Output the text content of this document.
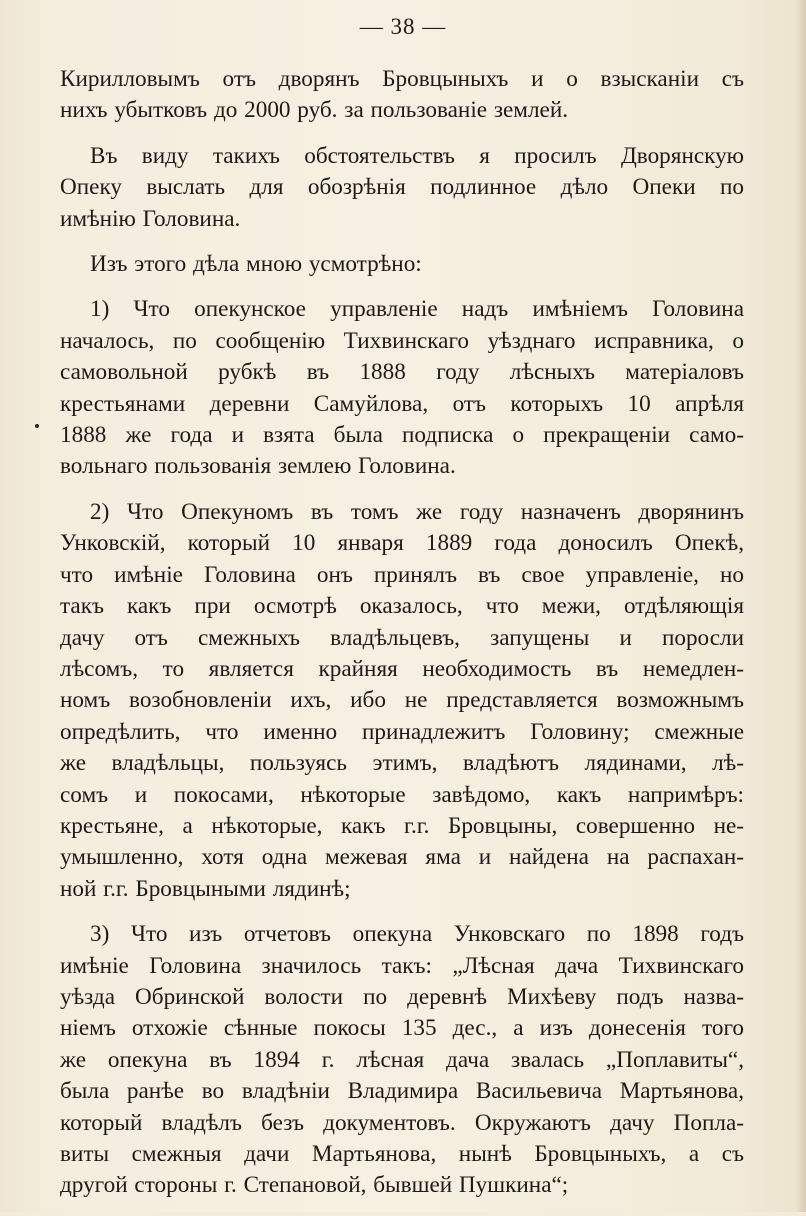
— 38 —

Кирилловымъ отъ дворянъ Бровцыныхъ и о взысканіи съ
нихъ убытковъ до 2000 руб. за пользованіе землей.

Въ виду такихъ обстоятельствъ я просилъ Дворянскую
Опеку выслать для обозрѣнія подлинное дѣло Опеки по
имѣнію Головина.

Изъ этого дѣла мною усмотрѣно:

1) Что опекунское управленіе надъ имѣніемъ Головина
началось, по сообщенію Тихвинскаго уѣзднаго исправника, о
самовольной рубкѣ въ 1888 году лѣсныхъ матеріаловъ
крестьянами деревни Самуйлова, отъ которыхъ 10 апрѣля
1888 же года и взята была подписка о прекращеніи само-
вольнаго пользованія землею Головина.

2) Что Опекуномъ въ томъ же году назначенъ дворянинъ
Унковскій, который 10 января 1889 года доносилъ Опекѣ,
что имѣніе Головина онъ принялъ въ свое управленіе, но
такъ какъ при осмотрѣ оказалось, что межи, отдѣляющія
дачу отъ смежныхъ владѣльцевъ, запущены и поросли
лѣсомъ, то является крайняя необходимость въ немедлен-
номъ возобновленіи ихъ, ибо не представляется возможнымъ
опредѣлить, что именно принадлежитъ Головину; смежные
же владѣльцы, пользуясь этимъ, владѣютъ лядинами, лѣ-
сомъ и покосами, нѣкоторые завѣдомо, какъ напримѣръ:
крестьяне, а нѣкоторые, какъ г.г. Бровцыны, совершенно не-
умышленно, хотя одна межевая яма и найдена на распахан-
ной г.г. Бровцыными лядинѣ;

3) Что изъ отчетовъ опекуна Унковскаго по 1898 годъ
имѣніе Головина значилось такъ: „Лѣсная дача Тихвинскаго
уѣзда Обринской волости по деревнѣ Михѣеву подъ назва-
ніемъ отхожіе сѣнные покосы 135 дес., а изъ донесенія того
же опекуна въ 1894 г. лѣсная дача звалась „Поплавиты“,
была ранѣе во владѣніи Владимира Васильевича Мартьянова,
который владѣлъ безъ документовъ. Окружаютъ дачу Попла-
виты смежныя дачи Мартьянова, нынѣ Бровцыныхъ, а съ
другой стороны г. Степановой, бывшей Пушкина“;
